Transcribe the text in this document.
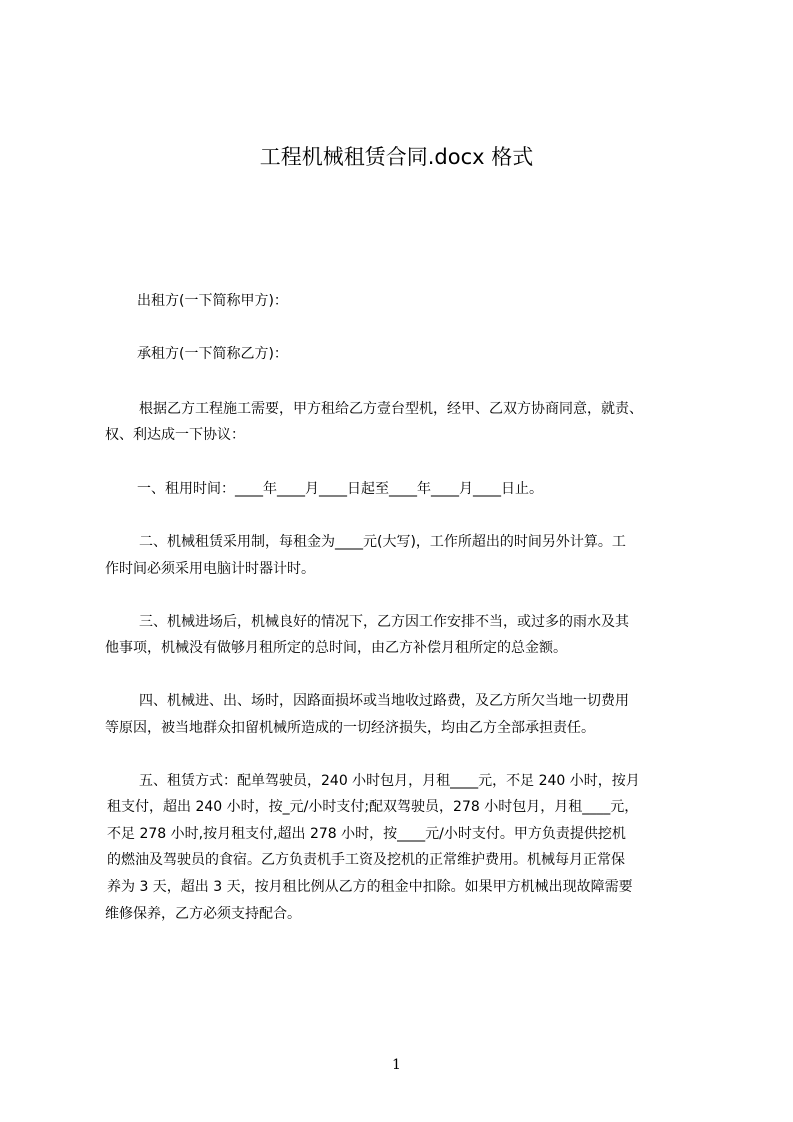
工程机械租赁合同.docx 格式
出租方(一下简称甲方)：
承租方(一下简称乙方)：
根据乙方工程施工需要，甲方租给乙方壹台型机，经甲、乙双方协商同意，就责、
权、利达成一下协议：
一、租用时间：____年____月____日起至____年____月____日止。
二、机械租赁采用制，每租金为____元(大写)，工作所超出的时间另外计算。工
作时间必须采用电脑计时器计时。
三、机械进场后，机械良好的情况下，乙方因工作安排不当，或过多的雨水及其
他事项，机械没有做够月租所定的总时间，由乙方补偿月租所定的总金额。
四、机械进、出、场时，因路面损坏或当地收过路费，及乙方所欠当地一切费用
等原因，被当地群众扣留机械所造成的一切经济损失，均由乙方全部承担责任。
五、租赁方式：配单驾驶员，240 小时包月，月租____元，不足 240 小时，按月
租支付，超出 240 小时，按_元/小时支付;配双驾驶员，278 小时包月，月租____元，
不足 278 小时,按月租支付,超出 278 小时，按____元/小时支付。甲方负责提供挖机
的燃油及驾驶员的食宿。乙方负责机手工资及挖机的正常维护费用。机械每月正常保
养为 3 天，超出 3 天，按月租比例从乙方的租金中扣除。如果甲方机械出现故障需要
维修保养，乙方必须支持配合。
1
